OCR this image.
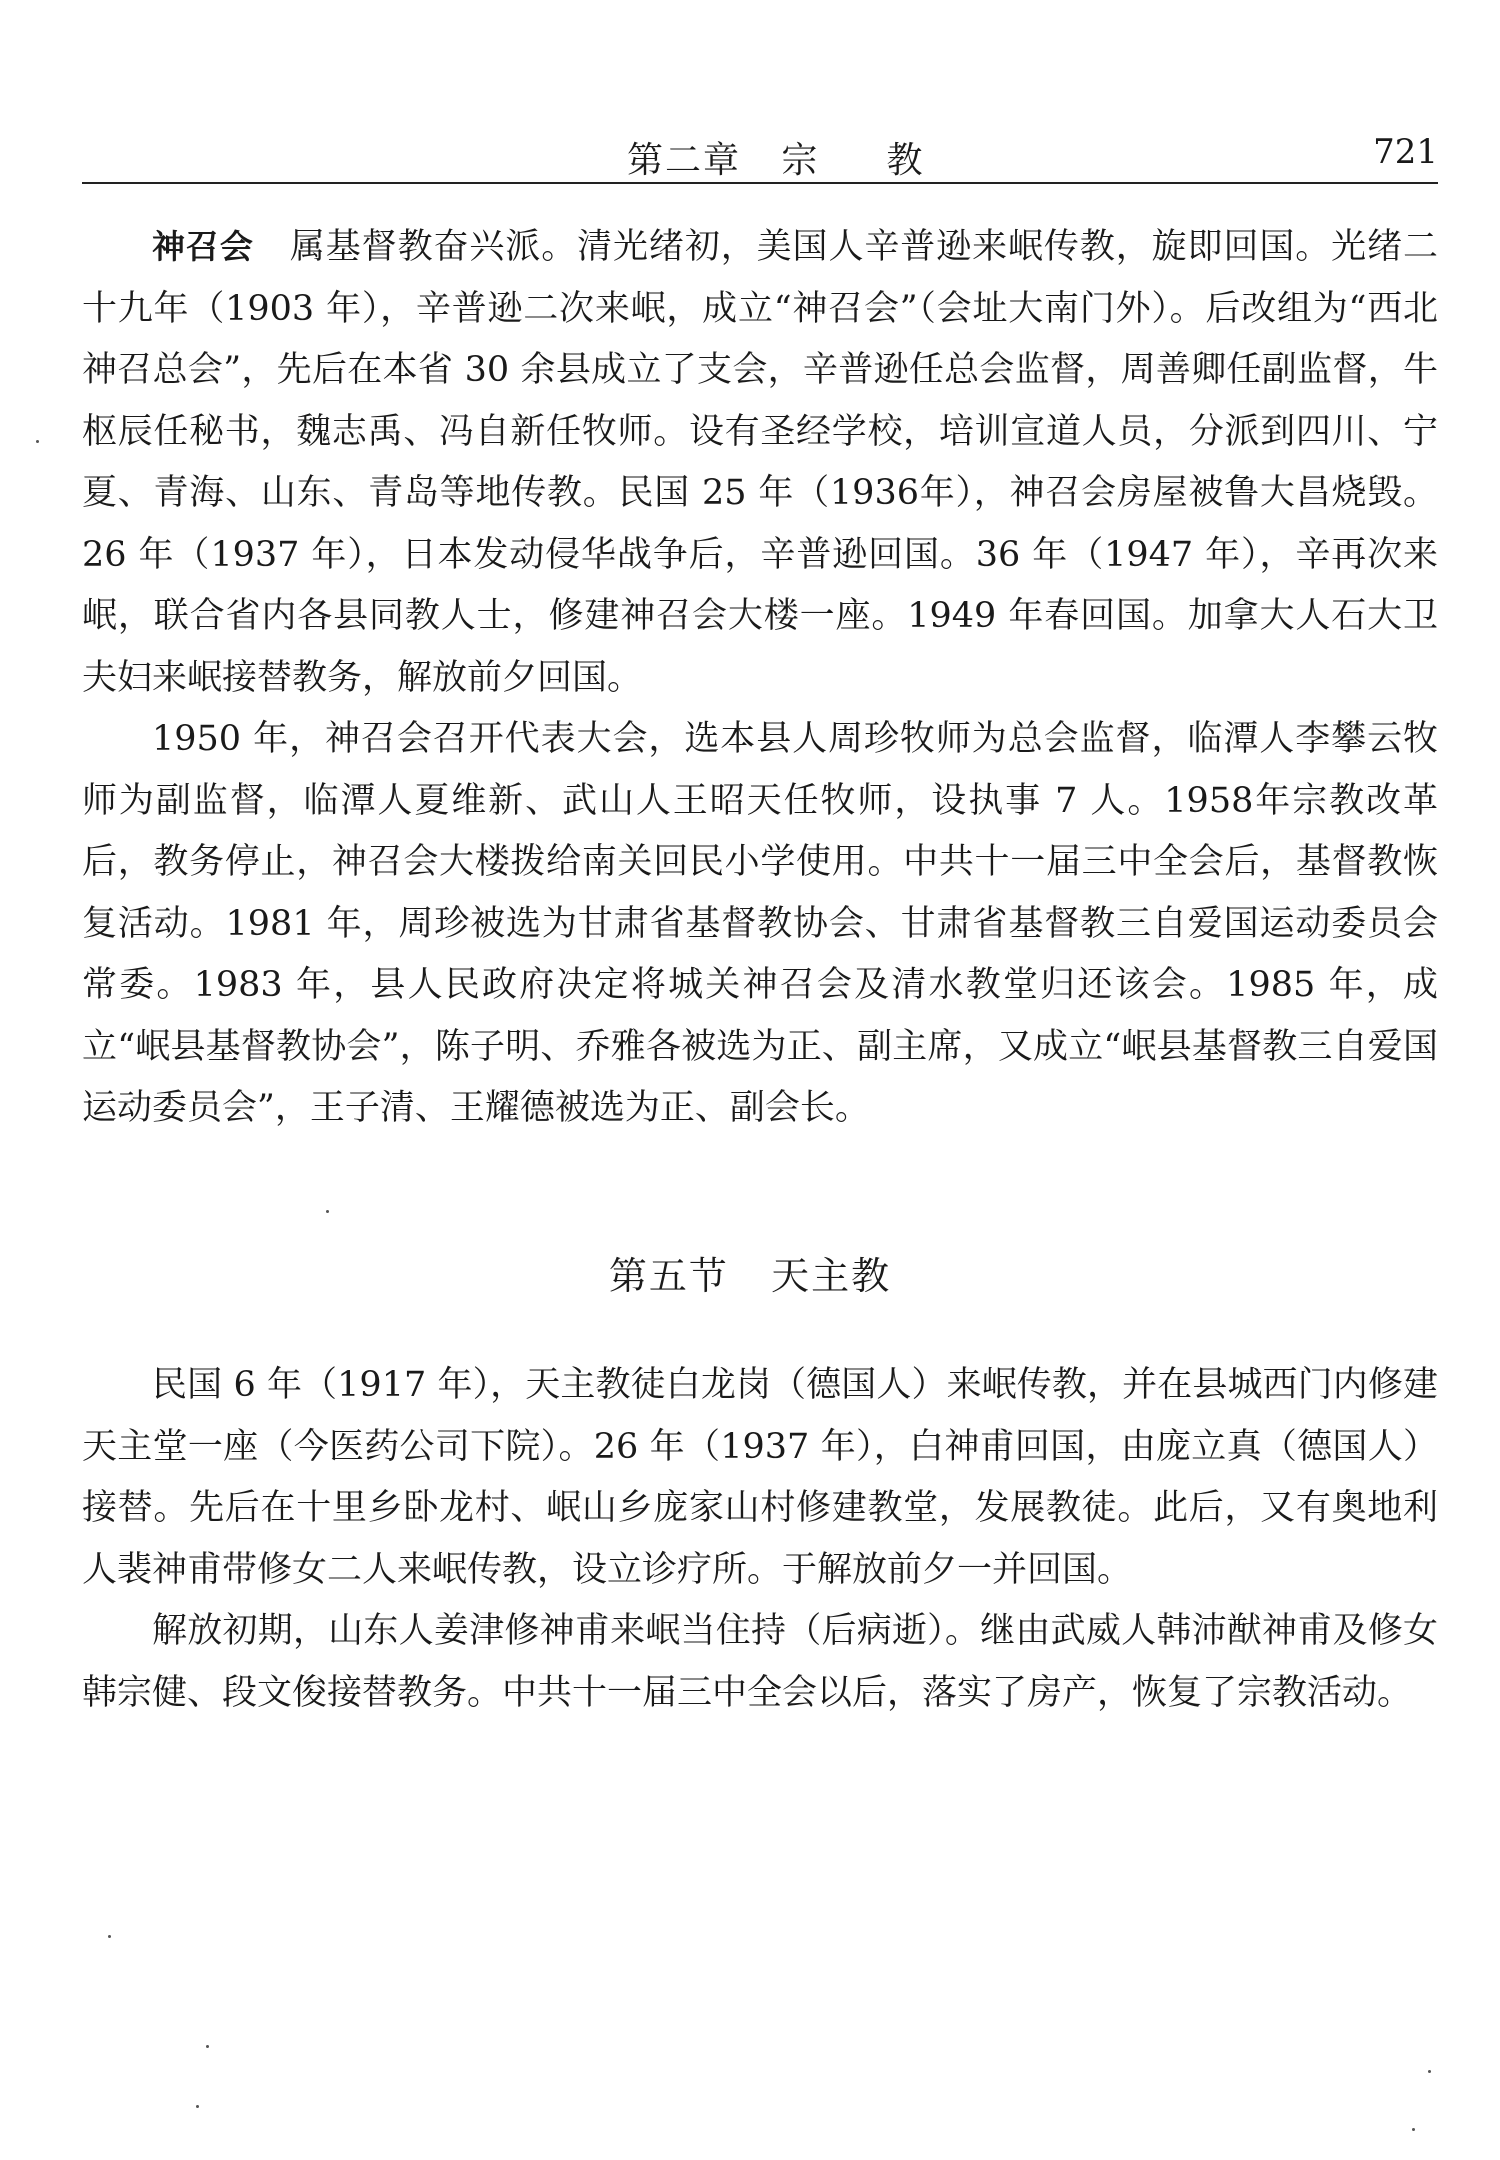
第二章   宗     教	721

神召会 属基督教奋兴派。清光绪初，美国人辛普逊来岷传教，旋即回国。光绪二十九年（1903 年），辛普逊二次来岷，成立“神召会”（会址大南门外）。后改组为“西北神召总会”，先后在本省 30 余县成立了支会，辛普逊任总会监督，周善卿任副监督，牛枢辰任秘书，魏志禹、冯自新任牧师。设有圣经学校，培训宣道人员，分派到四川、宁夏、青海、山东、青岛等地传教。民国 25 年（1936年），神召会房屋被鲁大昌烧毁。26 年（1937 年），日本发动侵华战争后，辛普逊回国。36 年（1947 年），辛再次来岷，联合省内各县同教人士，修建神召会大楼一座。1949 年春回国。加拿大人石大卫夫妇来岷接替教务，解放前夕回国。

1950 年，神召会召开代表大会，选本县人周珍牧师为总会监督，临潭人李攀云牧师为副监督，临潭人夏维新、武山人王昭天任牧师，设执事 7 人。1958年宗教改革后，教务停止，神召会大楼拨给南关回民小学使用。中共十一届三中全会后，基督教恢复活动。1981 年，周珍被选为甘肃省基督教协会、甘肃省基督教三自爱国运动委员会常委。1983 年，县人民政府决定将城关神召会及清水教堂归还该会。1985 年，成立“岷县基督教协会”，陈子明、乔雅各被选为正、副主席，又成立“岷县基督教三自爱国运动委员会”，王子清、王耀德被选为正、副会长。

第五节   天主教

民国 6 年（1917 年），天主教徒白龙岗（德国人）来岷传教，并在县城西门内修建天主堂一座（今医药公司下院）。26 年（1937 年），白神甫回国，由庞立真（德国人）接替。先后在十里乡卧龙村、岷山乡庞家山村修建教堂，发展教徒。此后，又有奥地利人裴神甫带修女二人来岷传教，设立诊疗所。于解放前夕一并回国。

解放初期，山东人姜津修神甫来岷当住持（后病逝）。继由武威人韩沛猷神甫及修女韩宗健、段文俊接替教务。中共十一届三中全会以后，落实了房产，恢复了宗教活动。
